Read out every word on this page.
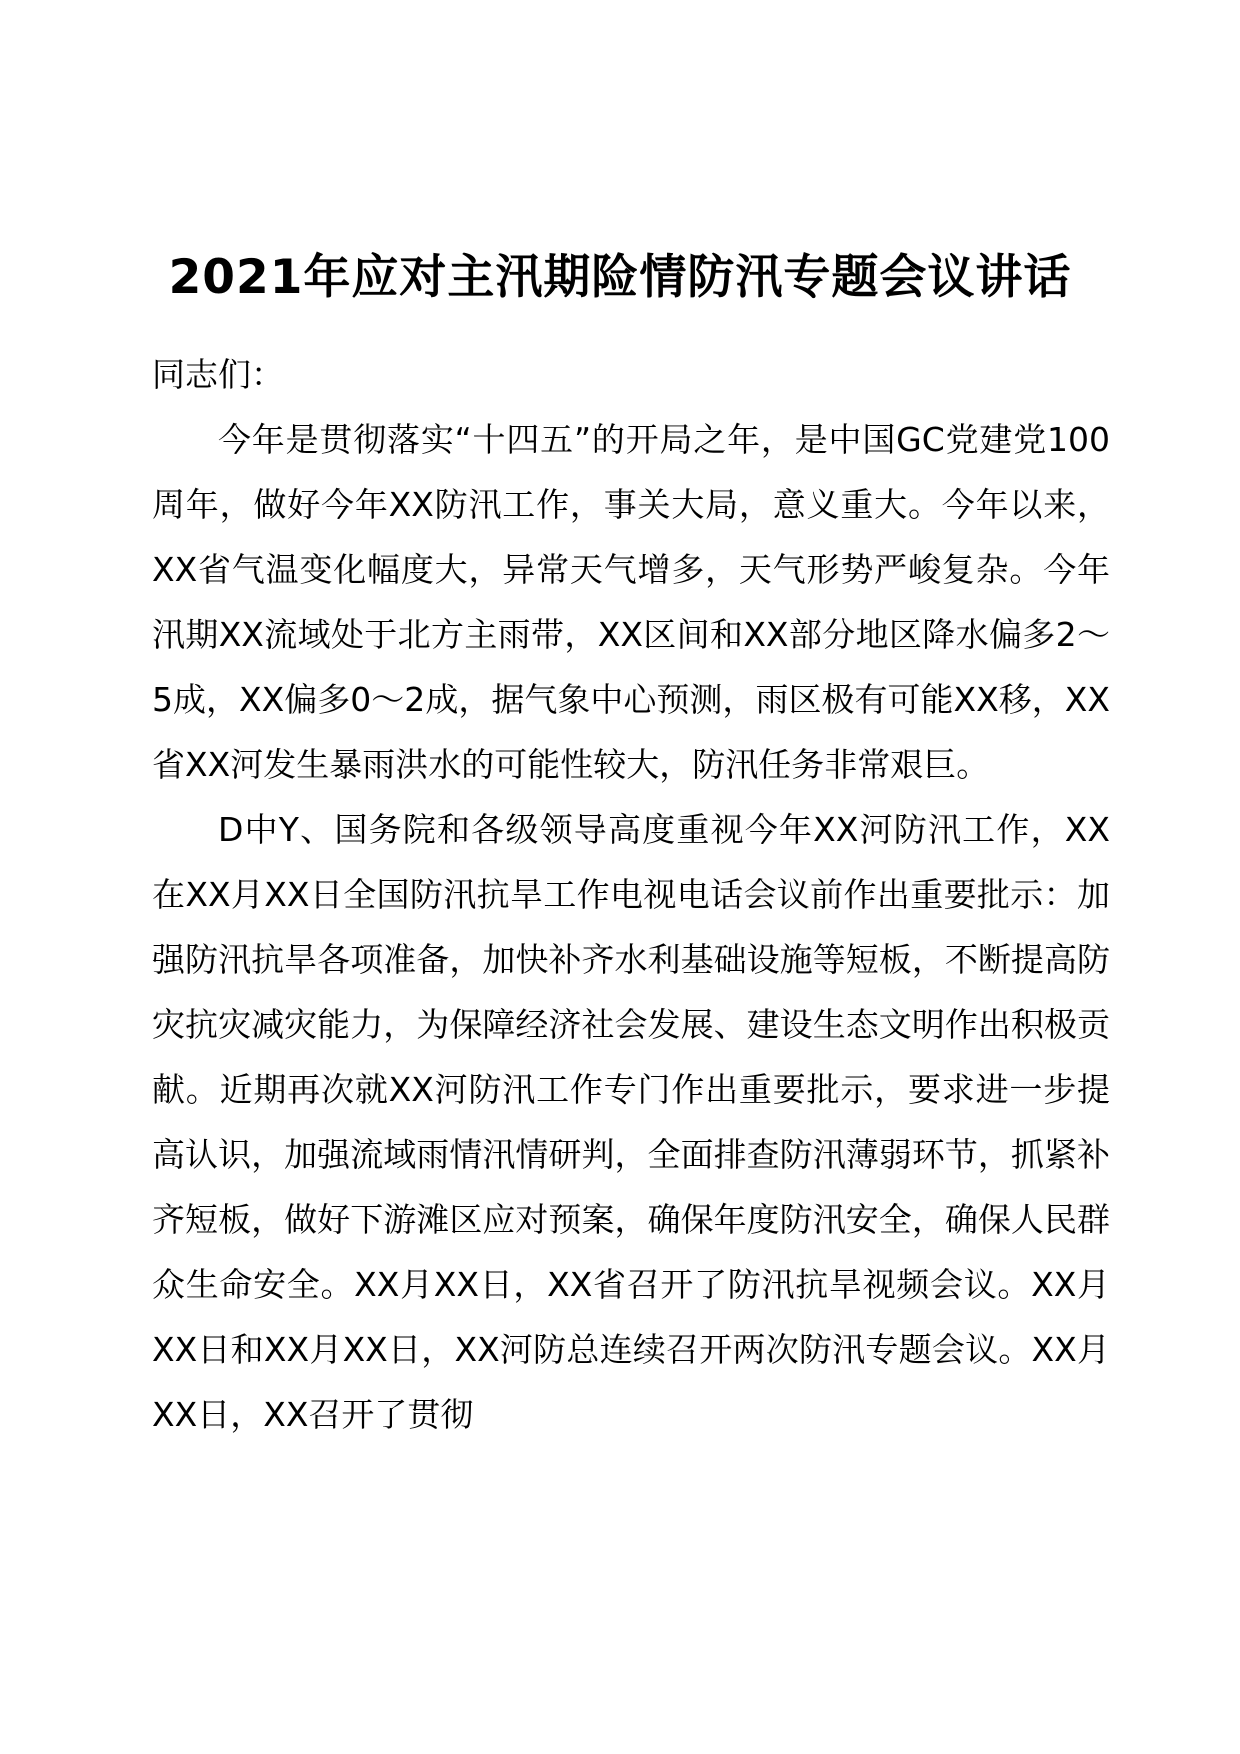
2021年应对主汛期险情防汛专题会议讲话

同志们：

今年是贯彻落实“十四五”的开局之年，是中国GC党建党100周年，做好今年XX防汛工作，事关大局，意义重大。今年以来，XX省气温变化幅度大，异常天气增多，天气形势严峻复杂。今年汛期XX流域处于北方主雨带，XX区间和XX部分地区降水偏多2～5成，XX偏多0～2成，据气象中心预测，雨区极有可能XX移，XX省XX河发生暴雨洪水的可能性较大，防汛任务非常艰巨。

D中Y、国务院和各级领导高度重视今年XX河防汛工作，XX在XX月XX日全国防汛抗旱工作电视电话会议前作出重要批示：加强防汛抗旱各项准备，加快补齐水利基础设施等短板，不断提高防灾抗灾减灾能力，为保障经济社会发展、建设生态文明作出积极贡献。近期再次就XX河防汛工作专门作出重要批示，要求进一步提高认识，加强流域雨情汛情研判，全面排查防汛薄弱环节，抓紧补齐短板，做好下游滩区应对预案，确保年度防汛安全，确保人民群众生命安全。XX月XX日，XX省召开了防汛抗旱视频会议。XX月XX日和XX月XX日，XX河防总连续召开两次防汛专题会议。XX月XX日，XX召开了贯彻
